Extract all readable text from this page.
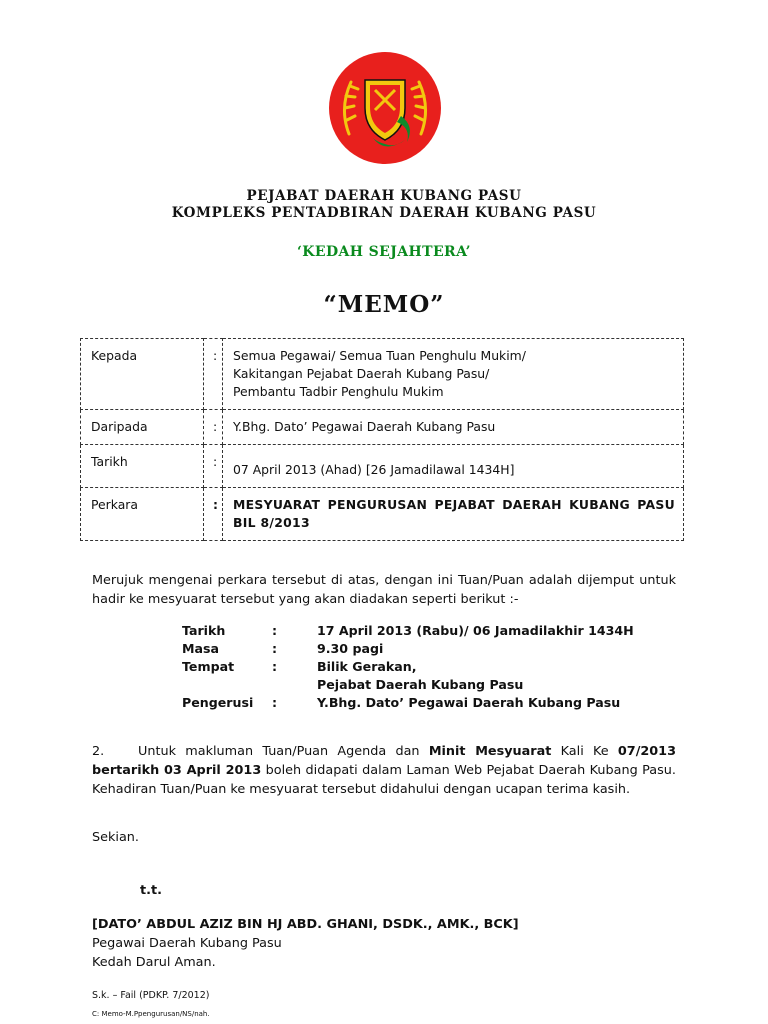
PEJABAT DAERAH KUBANG PASU
KOMPLEKS PENTADBIRAN DAERAH KUBANG PASU
‘KEDAH SEJAHTERA’
“MEMO”
Kepada	:	Semua Pegawai/ Semua Tuan Penghulu Mukim/
Kakitangan Pejabat Daerah Kubang Pasu/
Pembantu Tadbir Penghulu Mukim

Daripada	:	Y.Bhg. Dato’ Pegawai Daerah Kubang Pasu

Tarikh	:	07 April 2013 (Ahad) [26 Jamadilawal 1434H]

Perkara	:	MESYUARAT PENGURUSAN PEJABAT DAERAH KUBANG PASU BIL 8/2013
Merujuk mengenai perkara tersebut di atas, dengan ini Tuan/Puan adalah dijemput untuk hadir ke mesyuarat tersebut yang akan diadakan seperti berikut :-
Tarikh	:	17 April 2013 (Rabu)/ 06 Jamadilakhir 1434H
Masa	:	9.30 pagi
Tempat	:	Bilik Gerakan,
Pejabat Daerah Kubang Pasu
Pengerusi	:	Y.Bhg. Dato’ Pegawai Daerah Kubang Pasu
2.	Untuk makluman Tuan/Puan Agenda dan Minit Mesyuarat Kali Ke 07/2013 bertarikh 03 April 2013 boleh didapati dalam Laman Web Pejabat Daerah Kubang Pasu. Kehadiran Tuan/Puan ke mesyuarat tersebut didahului dengan ucapan terima kasih.
Sekian.
t.t.
[DATO’ ABDUL AZIZ BIN HJ ABD. GHANI, DSDK., AMK., BCK]
Pegawai Daerah Kubang Pasu
Kedah Darul Aman.
S.k. – Fail (PDKP. 7/2012)
C: Memo-M.Ppengurusan/NS/nah.
